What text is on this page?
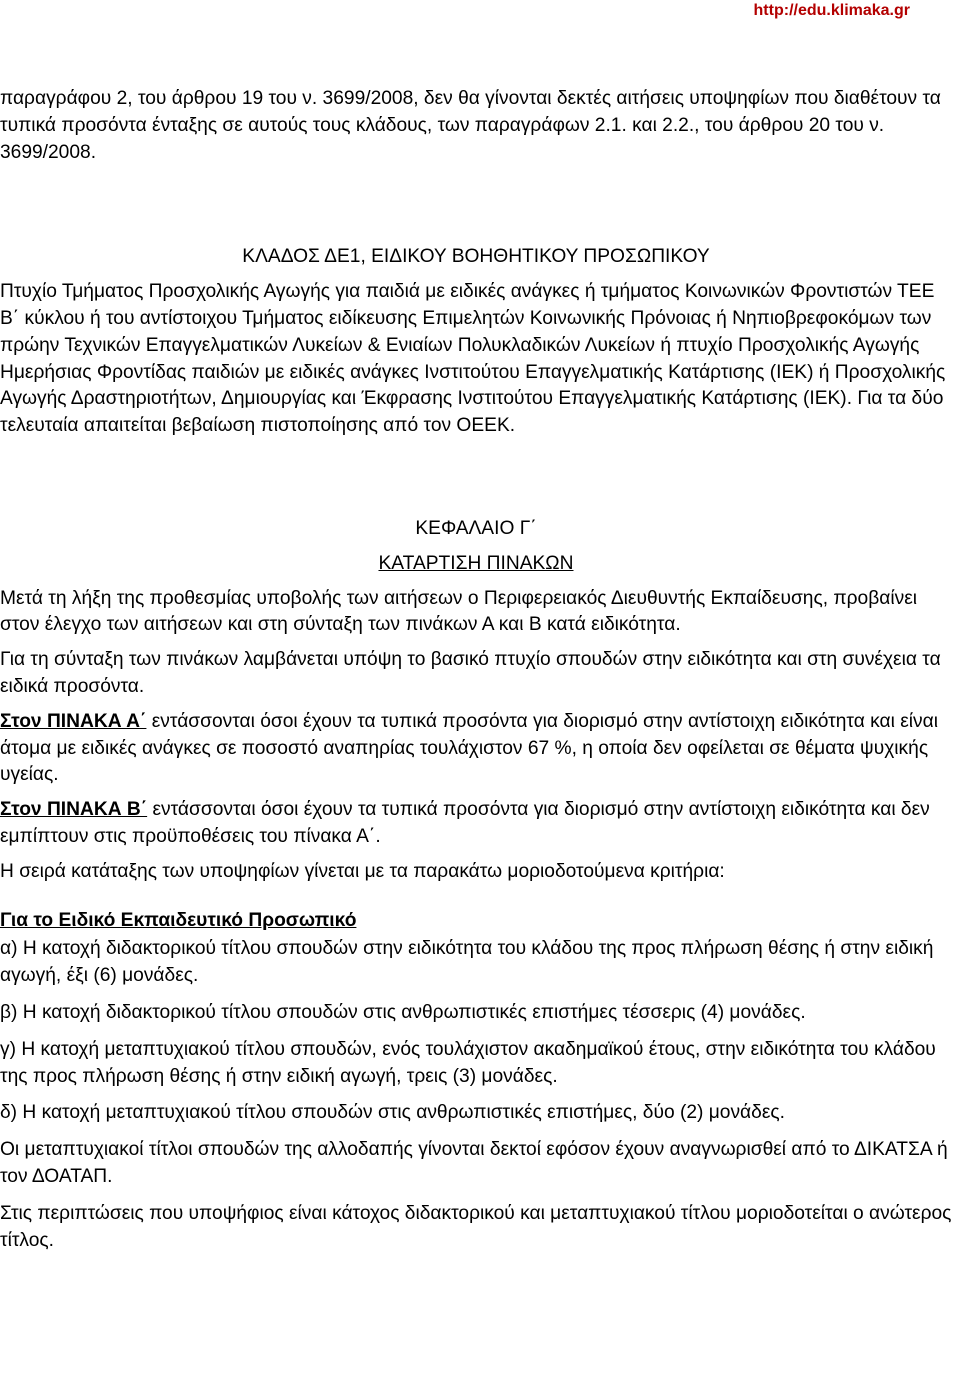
http://edu.klimaka.gr

παραγράφου 2, του άρθρου 19 του ν. 3699/2008, δεν θα γίνονται δεκτές αιτήσεις υποψηφίων που διαθέτουν τα τυπικά προσόντα ένταξης σε αυτούς τους κλάδους, των παραγράφων 2.1. και 2.2., του άρθρου 20 του ν. 3699/2008.

ΚΛΑΔΟΣ ΔΕ1, ΕΙΔΙΚΟΥ ΒΟΗΘΗΤΙΚΟΥ ΠΡΟΣΩΠΙΚΟΥ

Πτυχίο Τμήματος Προσχολικής Αγωγής για παιδιά με ειδικές ανάγκες ή τμήματος Κοινωνικών Φροντιστών ΤΕΕ Β΄ κύκλου ή του αντίστοιχου Τμήματος ειδίκευσης Επιμελητών Κοινωνικής Πρόνοιας ή Νηπιοβρεφοκόμων των πρώην Τεχνικών Επαγγελματικών Λυκείων & Ενιαίων Πολυκλαδικών Λυκείων ή πτυχίο Προσχολικής Αγωγής Ημερήσιας Φροντίδας παιδιών με ειδικές ανάγκες Ινστιτούτου Επαγγελματικής Κατάρτισης (ΙΕΚ) ή Προσχολικής Αγωγής Δραστηριοτήτων, Δημιουργίας και Έκφρασης Ινστιτούτου Επαγγελματικής Κατάρτισης (ΙΕΚ). Για τα δύο τελευταία απαιτείται βεβαίωση πιστοποίησης από τον ΟΕΕΚ.

ΚΕΦΑΛΑΙΟ Γ΄

ΚΑΤΑΡΤΙΣΗ ΠΙΝΑΚΩΝ

Μετά τη λήξη της προθεσμίας υποβολής των αιτήσεων ο Περιφερειακός Διευθυντής Εκπαίδευσης, προβαίνει στον έλεγχο των αιτήσεων και στη σύνταξη των πινάκων Α και Β κατά ειδικότητα.

Για τη σύνταξη των πινάκων λαμβάνεται υπόψη το βασικό πτυχίο σπουδών στην ειδικότητα και στη συνέχεια τα ειδικά προσόντα.

Στον ΠΙΝΑΚΑ Α΄ εντάσσονται όσοι έχουν τα τυπικά προσόντα για διορισμό στην αντίστοιχη ειδικότητα και είναι άτομα με ειδικές ανάγκες σε ποσοστό αναπηρίας τουλάχιστον 67 %, η οποία δεν οφείλεται σε θέματα ψυχικής υγείας.

Στον ΠΙΝΑΚΑ Β΄ εντάσσονται όσοι έχουν τα τυπικά προσόντα για διορισμό στην αντίστοιχη ειδικότητα και δεν εμπίπτουν στις προϋποθέσεις του πίνακα Α΄.

Η σειρά κατάταξης των υποψηφίων γίνεται με τα παρακάτω μοριοδοτούμενα κριτήρια:

Για το Ειδικό Εκπαιδευτικό Προσωπικό

α) Η κατοχή διδακτορικού τίτλου σπουδών στην ειδικότητα του κλάδου της προς πλήρωση θέσης ή στην ειδική αγωγή, έξι (6) μονάδες.

β) Η κατοχή διδακτορικού τίτλου σπουδών στις ανθρωπιστικές επιστήμες τέσσερις (4) μονάδες.

γ) Η κατοχή μεταπτυχιακού τίτλου σπουδών, ενός τουλάχιστον ακαδημαϊκού έτους, στην ειδικότητα του κλάδου της προς πλήρωση θέσης ή στην ειδική αγωγή, τρεις (3) μονάδες.

δ) Η κατοχή μεταπτυχιακού τίτλου σπουδών στις ανθρωπιστικές επιστήμες, δύο (2) μονάδες.

Οι μεταπτυχιακοί τίτλοι σπουδών της αλλοδαπής γίνονται δεκτοί εφόσον έχουν αναγνωρισθεί από το ΔΙΚΑΤΣΑ ή τον ΔΟΑΤΑΠ.

Στις περιπτώσεις που υποψήφιος είναι κάτοχος διδακτορικού και μεταπτυχιακού τίτλου μοριοδοτείται ο ανώτερος τίτλος.
